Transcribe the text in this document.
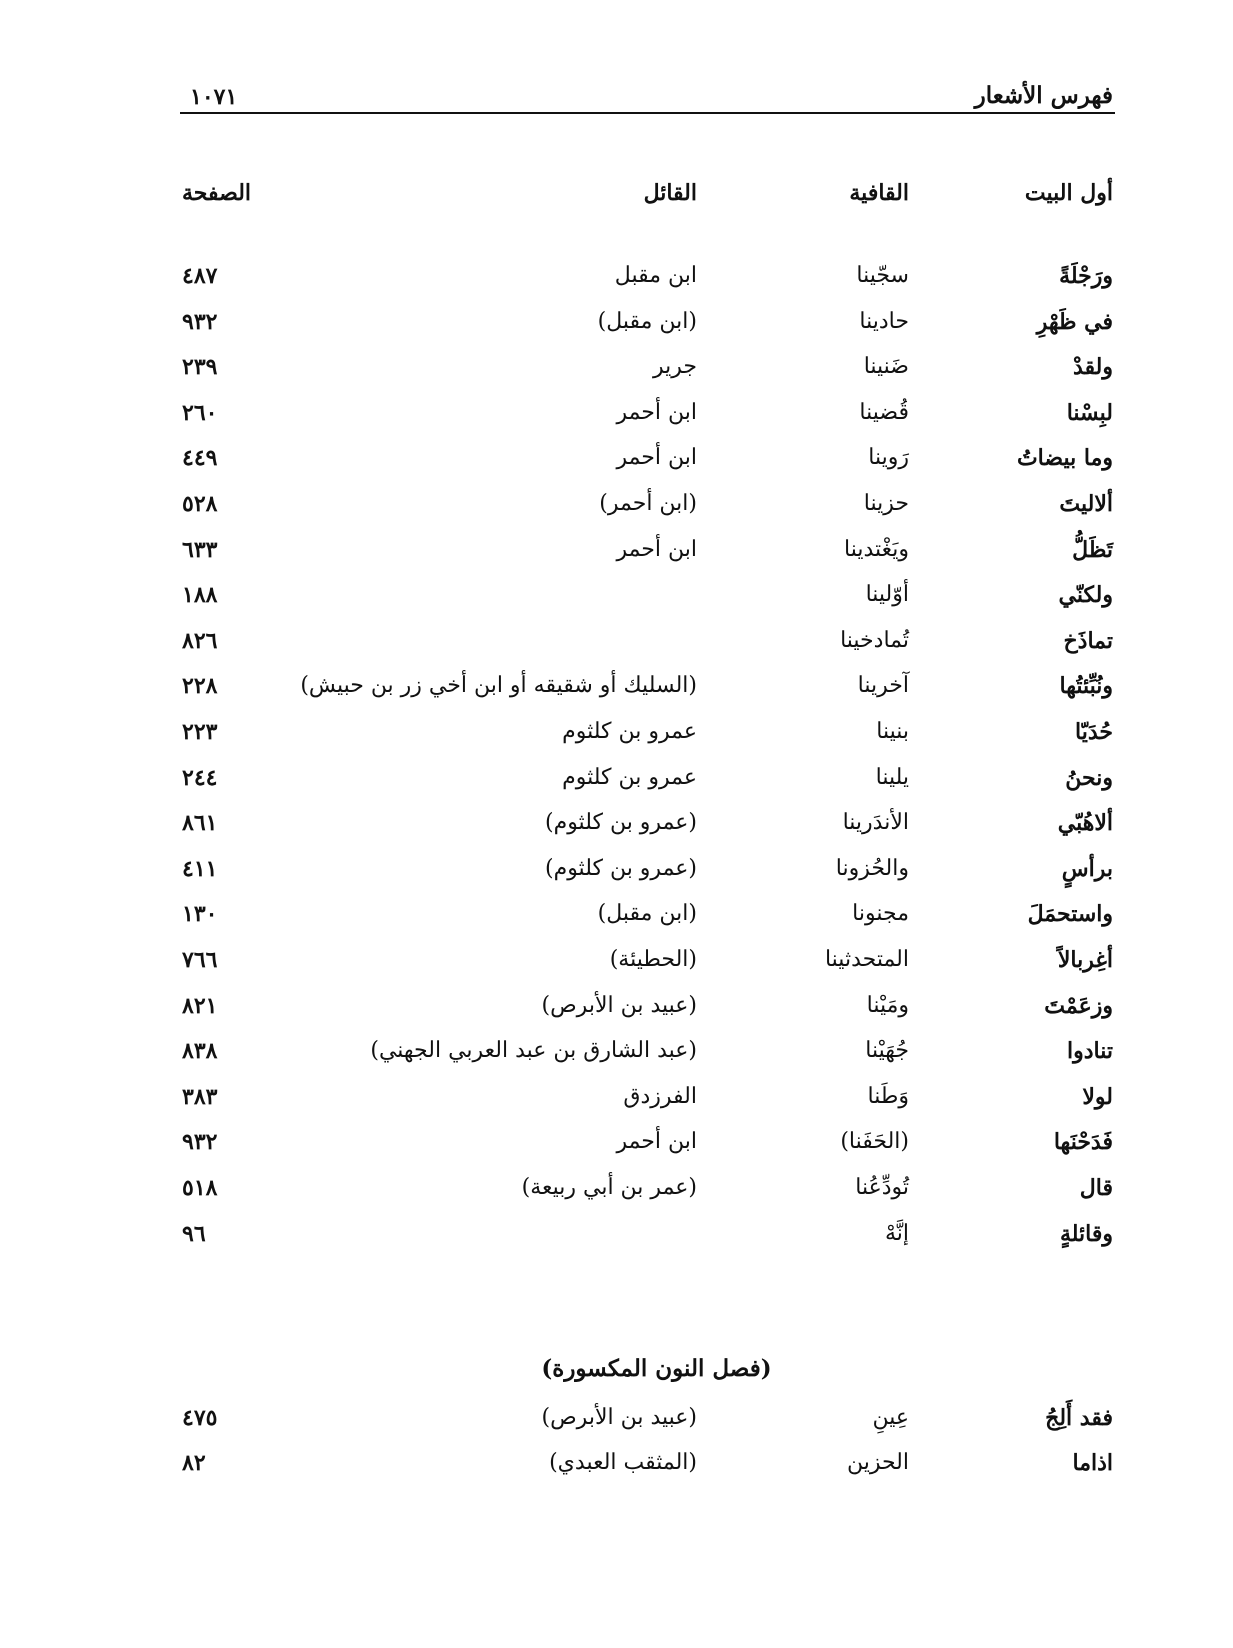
فهرس الأشعار
١٠٧١
أول البيت
القافية
القائل
الصفحة
ورَجْلَةً
سجّينا
ابن مقبل
٤٨٧
في ظَهْرِ
حادينا
(ابن مقبل)
٩٣٢
ولقدْ
ضَنينا
جرير
٢٣٩
لبِسْنا
قُضينا
ابن أحمر
٢٦٠
وما بيضاتُ
رَوينا
ابن أحمر
٤٤٩
ألاليتَ
حزينا
(ابن أحمر)
٥٢٨
تَظَلُّ
ويَغْتدينا
ابن أحمر
٦٣٣
ولكنّي
أوّلينا
١٨٨
تماذَخ
تُمادخينا
٨٢٦
ونُبِّئتُها
آخرينا
(السليك أو شقيقه أو ابن أخي زر بن حبيش)
٢٢٨
حُدَيّا
بنينا
عمرو بن كلثوم
٢٢٣
ونحنُ
يلينا
عمرو بن كلثوم
٢٤٤
ألاهُبّي
الأندَرينا
(عمرو بن كلثوم)
٨٦١
برأسٍ
والحُزونا
(عمرو بن كلثوم)
٤١١
واستحمَلَ
مجنونا
(ابن مقبل)
١٣٠
أغِربالاً
المتحدثينا
(الحطيئة)
٧٦٦
وزعَمْتَ
ومَيْنا
(عبيد بن الأبرص)
٨٢١
تنادوا
جُهَيْنا
(عبد الشارق بن عبد العربي الجهني)
٨٣٨
لولا
وَطَنا
الفرزدق
٣٨٣
فَدَحْنَها
(الحَفَنا)
ابن أحمر
٩٣٢
قال
تُودِّعُنا
(عمر بن أبي ربيعة)
٥١٨
وقائلةٍ
إنَّهْ
٩٦
(فصل النون المكسورة)
فقد أَلِجُ
عِينِ
(عبيد بن الأبرص)
٤٧٥
اذاما
الحزين
(المثقب العبدي)
٨٢
